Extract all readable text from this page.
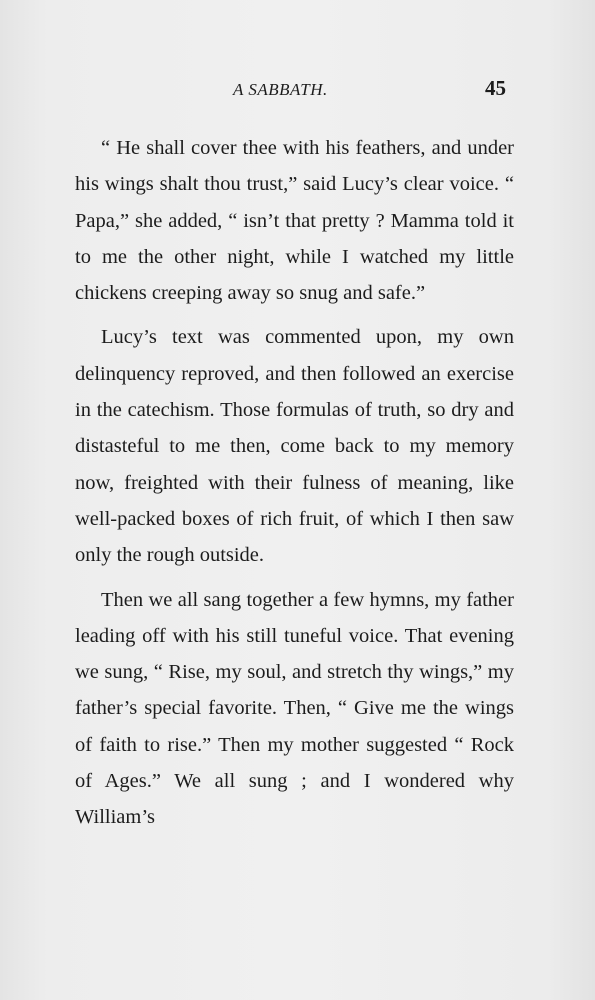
A SABBATH.	45

“ He shall cover thee with his feathers, and under his wings shalt thou trust,” said Lucy’s clear voice. “ Papa,” she added, “ isn’t that pretty ? Mamma told it to me the other night, while I watched my little chickens creeping away so snug and safe.”

Lucy’s text was commented upon, my own delinquency reproved, and then followed an exercise in the catechism. Those formulas of truth, so dry and distasteful to me then, come back to my memory now, freighted with their fulness of meaning, like well-packed boxes of rich fruit, of which I then saw only the rough outside.

Then we all sang together a few hymns, my father leading off with his still tuneful voice. That evening we sung, “ Rise, my soul, and stretch thy wings,” my father’s special favorite. Then, “ Give me the wings of faith to rise.” Then my mother suggested “ Rock of Ages.” We all sung ; and I wondered why William’s
